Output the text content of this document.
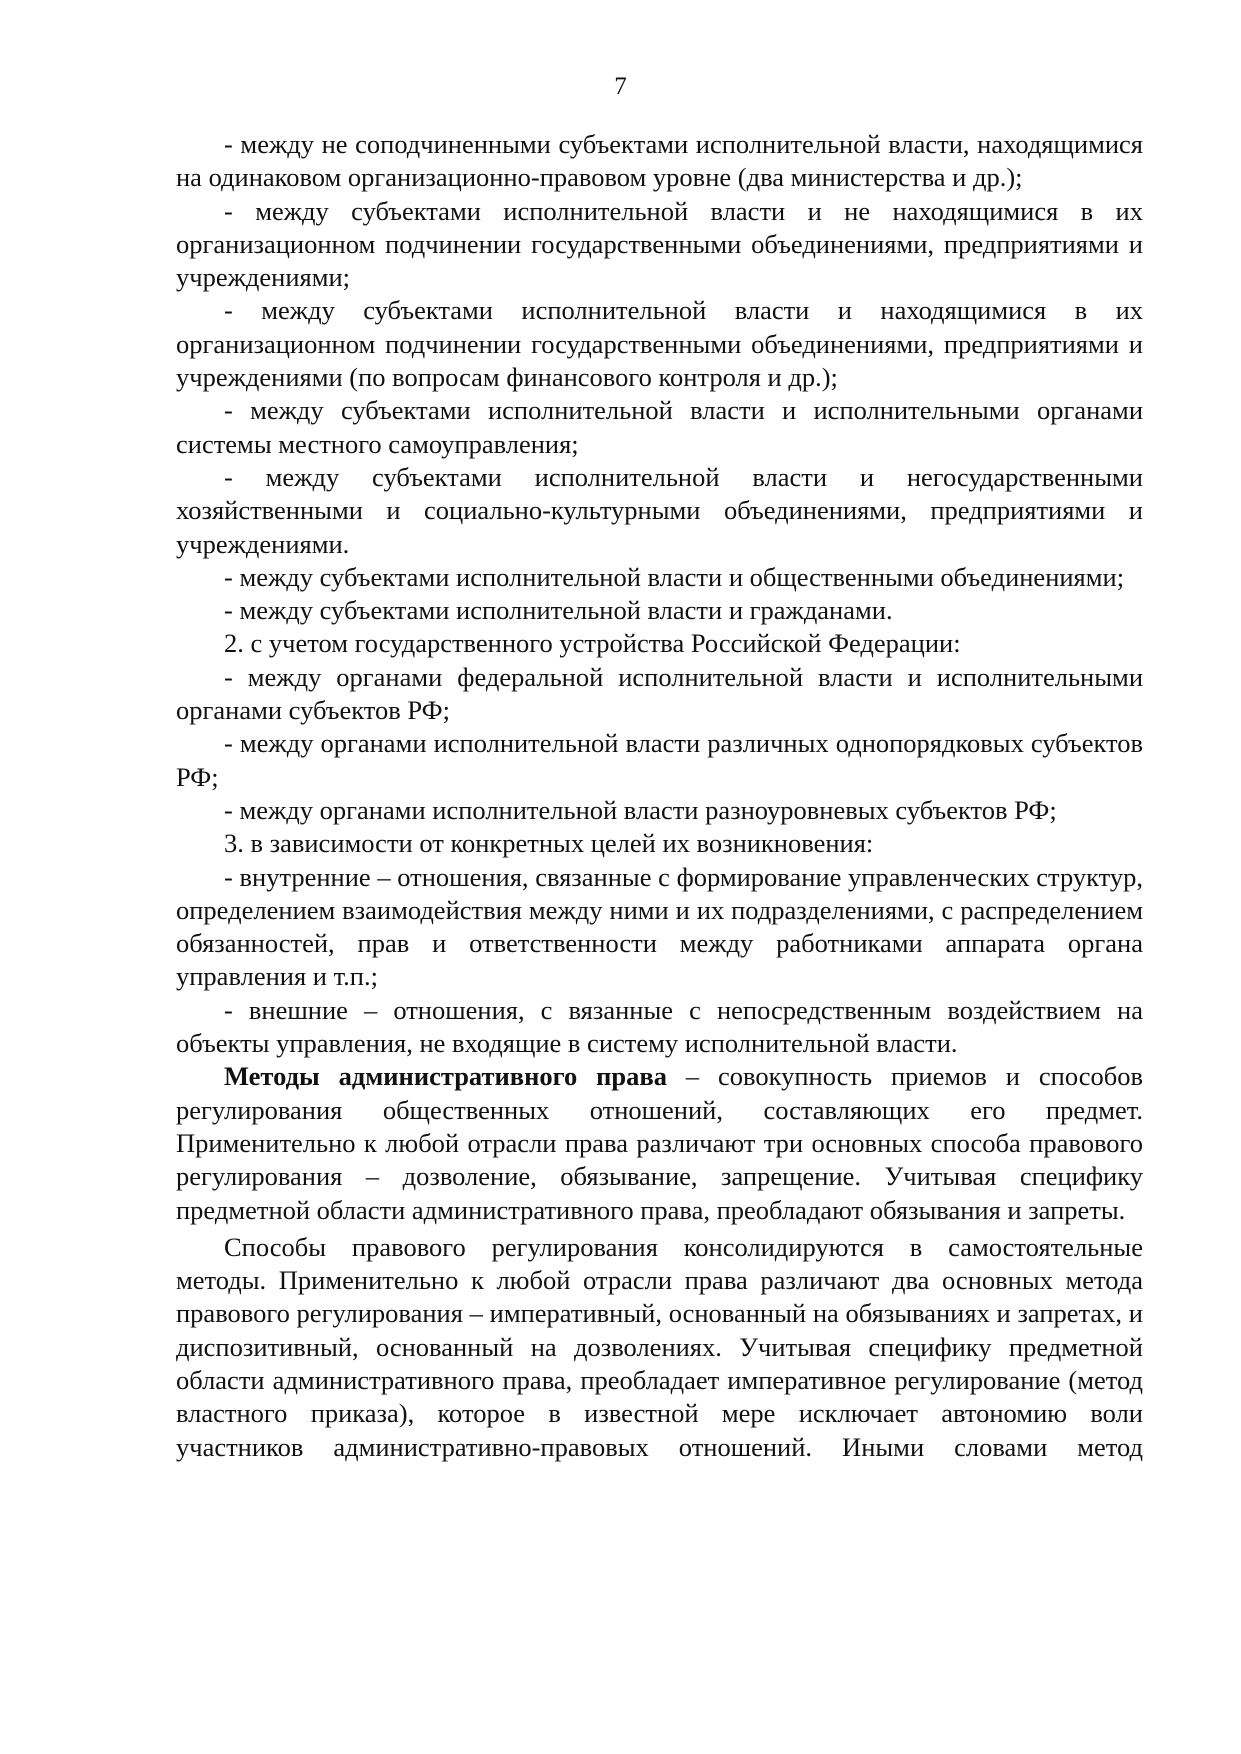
7

- между не соподчиненными субъектами исполнительной власти, находящимися на одинаковом организационно-правовом уровне (два министерства и др.);

- между субъектами исполнительной власти и не находящимися в их организационном подчинении государственными объединениями, предприятиями и учреждениями;

- между субъектами исполнительной власти и находящимися в их организационном подчинении государственными объединениями, предприятиями и учреждениями (по вопросам финансового контроля и др.);

- между субъектами исполнительной власти и исполнительными органами системы местного самоуправления;

- между субъектами исполнительной власти и негосударственными хозяйственными и социально-культурными объединениями, предприятиями и учреждениями.

- между субъектами исполнительной власти и общественными объединениями;

- между субъектами исполнительной власти и гражданами.

2. с учетом государственного устройства Российской Федерации:

- между органами федеральной исполнительной власти и исполнительными органами субъектов РФ;

- между органами исполнительной власти различных однопорядковых субъектов РФ;

- между органами исполнительной власти разноуровневых субъектов РФ;

3. в зависимости от конкретных целей их возникновения:

- внутренние – отношения, связанные с формирование управленческих структур, определением взаимодействия между ними и их подразделениями, с распределением обязанностей, прав и ответственности между работниками аппарата органа управления и т.п.;

- внешние – отношения, с вязанные с непосредственным воздействием на объекты управления, не входящие в систему исполнительной власти.

Методы административного права – совокупность приемов и способов регулирования общественных отношений, составляющих его предмет. Применительно к любой отрасли права различают три основных способа правового регулирования – дозволение, обязывание, запрещение. Учитывая специфику предметной области административного права, преобладают обязывания и запреты.

Способы правового регулирования консолидируются в самостоятельные методы. Применительно к любой отрасли права различают два основных метода правового регулирования – императивный, основанный на обязываниях и запретах, и диспозитивный, основанный на дозволениях. Учитывая специфику предметной области административного права, преобладает императивное регулирование (метод властного приказа), которое в известной мере исключает автономию воли участников административно-правовых отношений. Иными словами метод
